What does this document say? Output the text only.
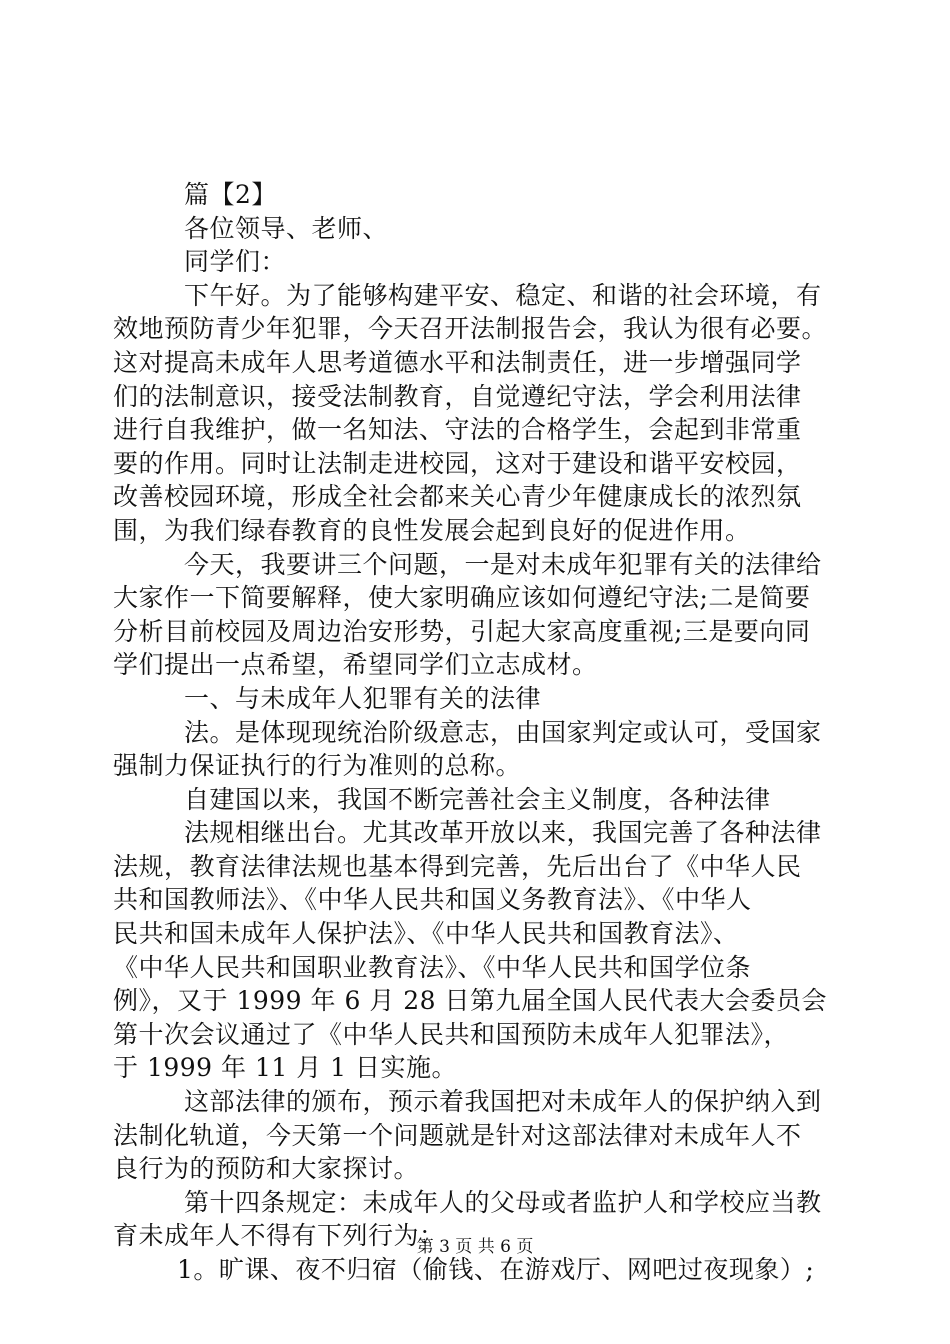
篇【2】
各位领导、老师、
同学们：
下午好。为了能够构建平安、稳定、和谐的社会环境，有
效地预防青少年犯罪，今天召开法制报告会，我认为很有必要。
这对提高未成年人思考道德水平和法制责任，进一步增强同学
们的法制意识，接受法制教育，自觉遵纪守法，学会利用法律
进行自我维护，做一名知法、守法的合格学生，会起到非常重
要的作用。同时让法制走进校园，这对于建设和谐平安校园，
改善校园环境，形成全社会都来关心青少年健康成长的浓烈氛
围，为我们绿春教育的良性发展会起到良好的促进作用。
今天，我要讲三个问题，一是对未成年犯罪有关的法律给
大家作一下简要解释，使大家明确应该如何遵纪守法;二是简要
分析目前校园及周边治安形势，引起大家高度重视;三是要向同
学们提出一点希望，希望同学们立志成材。
一、与未成年人犯罪有关的法律
法。是体现现统治阶级意志，由国家判定或认可，受国家
强制力保证执行的行为准则的总称。
自建国以来，我国不断完善社会主义制度，各种法律
法规相继出台。尤其改革开放以来，我国完善了各种法律
法规，教育法律法规也基本得到完善，先后出台了《中华人民
共和国教师法》、《中华人民共和国义务教育法》、《中华人
民共和国未成年人保护法》、《中华人民共和国教育法》、
《中华人民共和国职业教育法》、《中华人民共和国学位条
例》，又于 1999 年 6 月 28 日第九届全国人民代表大会委员会
第十次会议通过了《中华人民共和国预防未成年人犯罪法》，
于 1999 年 11 月 1 日实施。
这部法律的颁布，预示着我国把对未成年人的保护纳入到
法制化轨道，今天第一个问题就是针对这部法律对未成年人不
良行为的预防和大家探讨。
第十四条规定：未成年人的父母或者监护人和学校应当教
育未成年人不得有下列行为：
1。旷课、夜不归宿（偷钱、在游戏厅、网吧过夜现象）;
第 3 页 共 6 页
